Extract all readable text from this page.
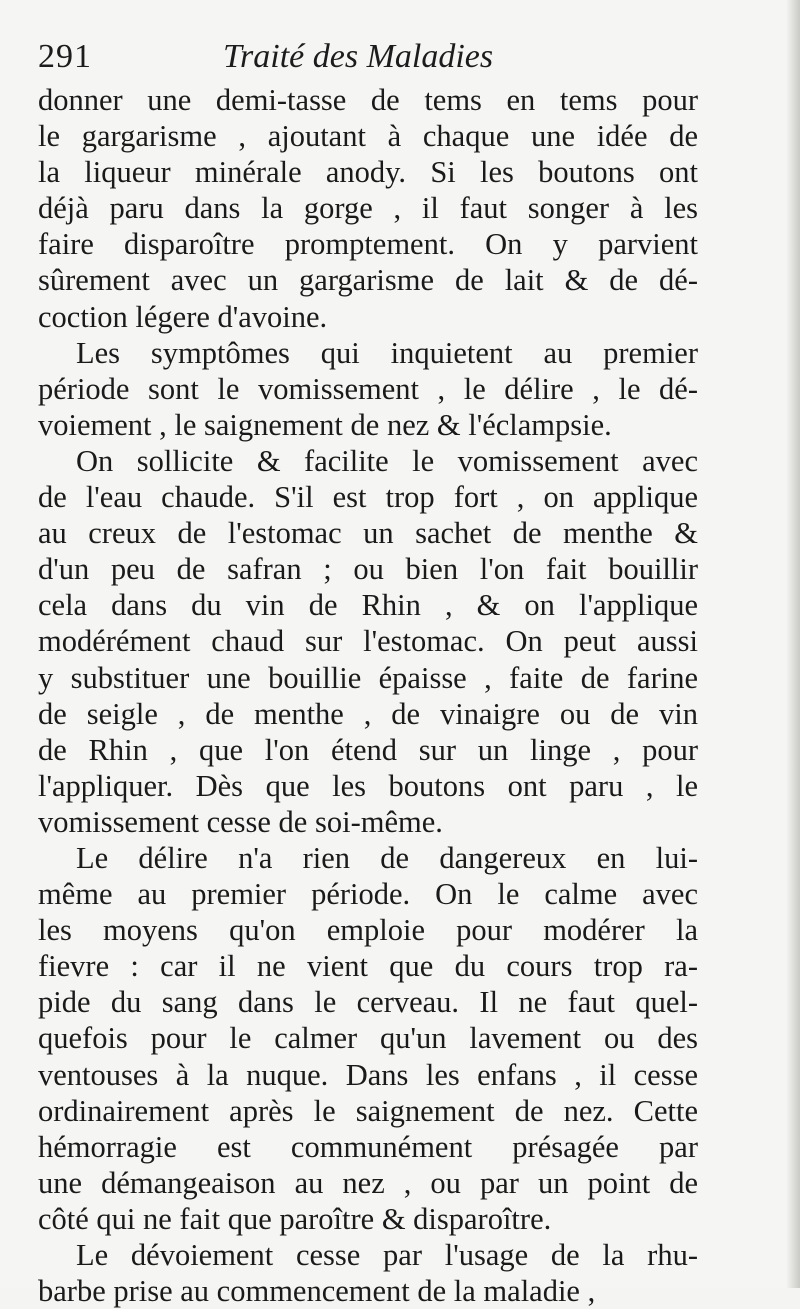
291	Traité des Maladies
donner une demi-tasse de tems en tems pour
le gargarisme , ajoutant à chaque une idée de
la liqueur minérale anody. Si les boutons ont
déjà paru dans la gorge , il faut songer à les
faire disparoître promptement. On y parvient
sûrement avec un gargarisme de lait & de dé-
coction légere d'avoine.
Les symptômes qui inquietent au premier
période sont le vomissement , le délire , le dé-
voiement , le saignement de nez & l'éclampsie.
On sollicite & facilite le vomissement avec
de l'eau chaude. S'il est trop fort , on applique
au creux de l'estomac un sachet de menthe &
d'un peu de safran ; ou bien l'on fait bouillir
cela dans du vin de Rhin , & on l'applique
modérément chaud sur l'estomac. On peut aussi
y substituer une bouillie épaisse , faite de farine
de seigle , de menthe , de vinaigre ou de vin
de Rhin , que l'on étend sur un linge , pour
l'appliquer. Dès que les boutons ont paru , le
vomissement cesse de soi-même.
Le délire n'a rien de dangereux en lui-
même au premier période. On le calme avec
les moyens qu'on emploie pour modérer la
fievre : car il ne vient que du cours trop ra-
pide du sang dans le cerveau. Il ne faut quel-
quefois pour le calmer qu'un lavement ou des
ventouses à la nuque. Dans les enfans , il cesse
ordinairement après le saignement de nez. Cette
hémorragie est communément présagée par
une démangeaison au nez , ou par un point de
côté qui ne fait que paroître & disparoître.
Le dévoiement cesse par l'usage de la rhu-
barbe prise au commencement de la maladie ,
